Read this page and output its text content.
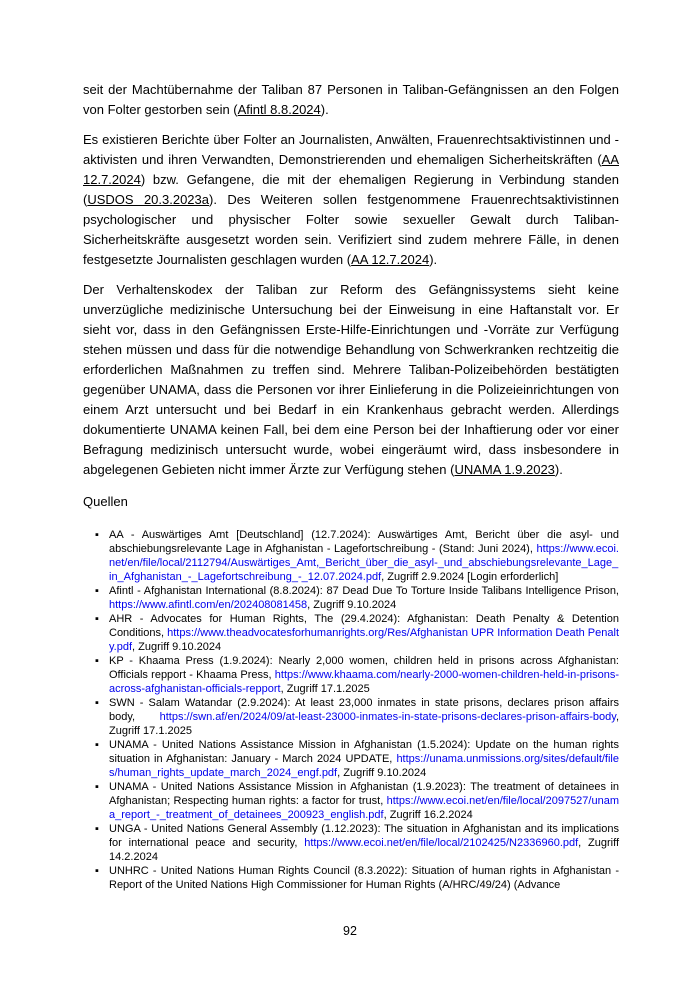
seit der Machtübernahme der Taliban 87 Personen in Taliban-Gefängnissen an den Folgen von Folter gestorben sein (Afintl 8.8.2024).

Es existieren Berichte über Folter an Journalisten, Anwälten, Frauenrechtsaktivistinnen und -aktivisten und ihren Verwandten, Demonstrierenden und ehemaligen Sicherheitskräften (AA 12.7.2024) bzw. Gefangene, die mit der ehemaligen Regierung in Verbindung standen (USDOS 20.3.2023a). Des Weiteren sollen festgenommene Frauenrechtsaktivistinnen psychologischer und physischer Folter sowie sexueller Gewalt durch Taliban-Sicherheitskräfte ausgesetzt worden sein. Verifiziert sind zudem mehrere Fälle, in denen festgesetzte Journalisten geschlagen wurden (AA 12.7.2024).

Der Verhaltenskodex der Taliban zur Reform des Gefängnissystems sieht keine unverzügliche medizinische Untersuchung bei der Einweisung in eine Haftanstalt vor. Er sieht vor, dass in den Gefängnissen Erste-Hilfe-Einrichtungen und -Vorräte zur Verfügung stehen müssen und dass für die notwendige Behandlung von Schwerkranken rechtzeitig die erforderlichen Maßnahmen zu treffen sind. Mehrere Taliban-Polizeibehörden bestätigten gegenüber UNAMA, dass die Personen vor ihrer Einlieferung in die Polizeieinrichtungen von einem Arzt untersucht und bei Bedarf in ein Krankenhaus gebracht werden. Allerdings dokumentierte UNAMA keinen Fall, bei dem eine Person bei der Inhaftierung oder vor einer Befragung medizinisch untersucht wurde, wobei eingeräumt wird, dass insbesondere in abgelegenen Gebieten nicht immer Ärzte zur Verfügung stehen (UNAMA 1.9.2023).

Quellen
▪ AA - Auswärtiges Amt [Deutschland] (12.7.2024): Auswärtiges Amt, Bericht über die asyl- und abschiebungsrelevante Lage in Afghanistan - Lagefortschreibung - (Stand: Juni 2024), https://www.ecoi.net/en/file/local/2112794/Auswärtiges_Amt,_Bericht_über_die_asyl-_und_abschiebungsrelevante_Lage_in_Afghanistan_-_Lagefortschreibung_-_12.07.2024.pdf, Zugriff 2.9.2024 [Login erforderlich]
▪ Afintl - Afghanistan International (8.8.2024): 87 Dead Due To Torture Inside Talibans Intelligence Prison, https://www.afintl.com/en/202408081458, Zugriff 9.10.2024
▪ AHR - Advocates for Human Rights, The (29.4.2024): Afghanistan: Death Penalty & Detention Conditions, https://www.theadvocatesforhumanrights.org/Res/Afghanistan UPR Information Death Penalty.pdf, Zugriff 9.10.2024
▪ KP - Khaama Press (1.9.2024): Nearly 2,000 women, children held in prisons across Afghanistan: Officials repport - Khaama Press, https://www.khaama.com/nearly-2000-women-children-held-in-prisons-across-afghanistan-officials-repport, Zugriff 17.1.2025
▪ SWN - Salam Watandar (2.9.2024): At least 23,000 inmates in state prisons, declares prison affairs body, https://swn.af/en/2024/09/at-least-23000-inmates-in-state-prisons-declares-prison-affairs-body, Zugriff 17.1.2025
▪ UNAMA - United Nations Assistance Mission in Afghanistan (1.5.2024): Update on the human rights situation in Afghanistan: January - March 2024 UPDATE, https://unama.unmissions.org/sites/default/files/human_rights_update_march_2024_engf.pdf, Zugriff 9.10.2024
▪ UNAMA - United Nations Assistance Mission in Afghanistan (1.9.2023): The treatment of detainees in Afghanistan; Respecting human rights: a factor for trust, https://www.ecoi.net/en/file/local/2097527/unama_report_-_treatment_of_detainees_200923_english.pdf, Zugriff 16.2.2024
▪ UNGA - United Nations General Assembly (1.12.2023): The situation in Afghanistan and its implications for international peace and security, https://www.ecoi.net/en/file/local/2102425/N2336960.pdf, Zugriff 14.2.2024
▪ UNHRC - United Nations Human Rights Council (8.3.2022): Situation of human rights in Afghanistan - Report of the United Nations High Commissioner for Human Rights (A/HRC/49/24) (Advance
92
